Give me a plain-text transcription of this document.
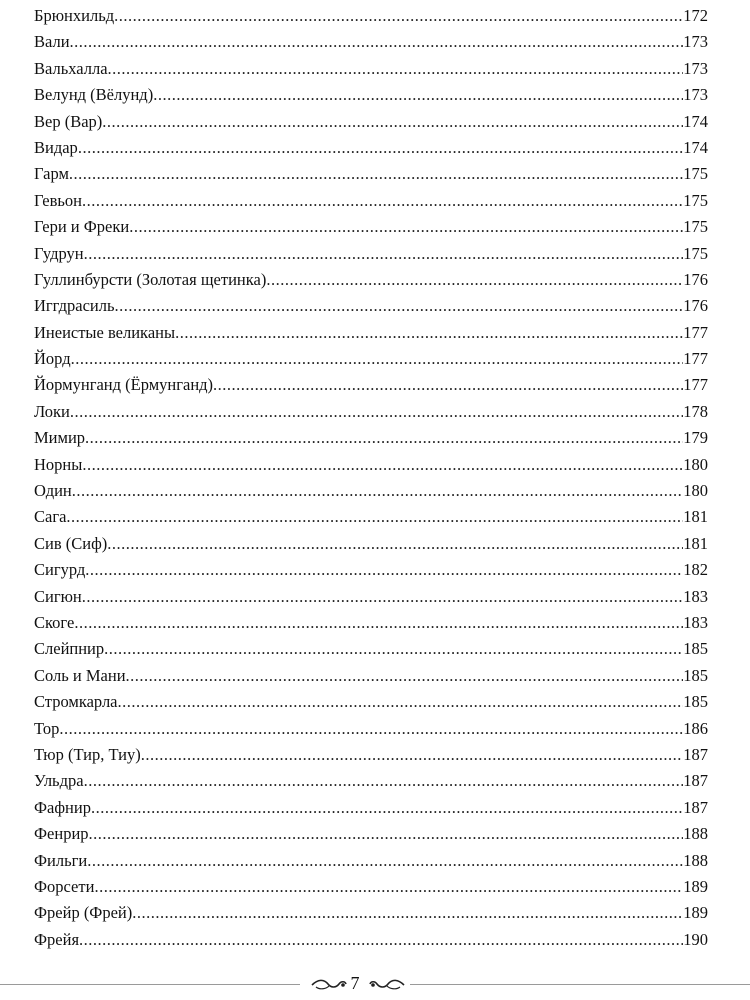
Брюнхильд .....	172
Вали .....	173
Вальхалла .....	173
Велунд (Вёлунд) .....	173
Вер (Вар) .....	174
Видар .....	174
Гарм .....	175
Гевьон .....	175
Гери и Фреки .....	175
Гудрун .....	175
Гуллинбурсти (Золотая щетинка) .....	176
Иггдрасиль .....	176
Инеистые великаны .....	177
Йорд .....	177
Йормунганд (Ёрмунганд) .....	177
Локи .....	178
Мимир .....	179
Норны .....	180
Один .....	180
Сага .....	181
Сив (Сиф) .....	181
Сигурд .....	182
Сигюн .....	183
Скоге .....	183
Слейпнир .....	185
Соль и Мани .....	185
Стромкарла .....	185
Тор .....	186
Тюр (Тир, Тиу) .....	187
Ульдра .....	187
Фафнир .....	187
Фенрир .....	188
Фильги .....	188
Форсети .....	189
Фрейр (Фрей) .....	189
Фрейя .....	190
7
